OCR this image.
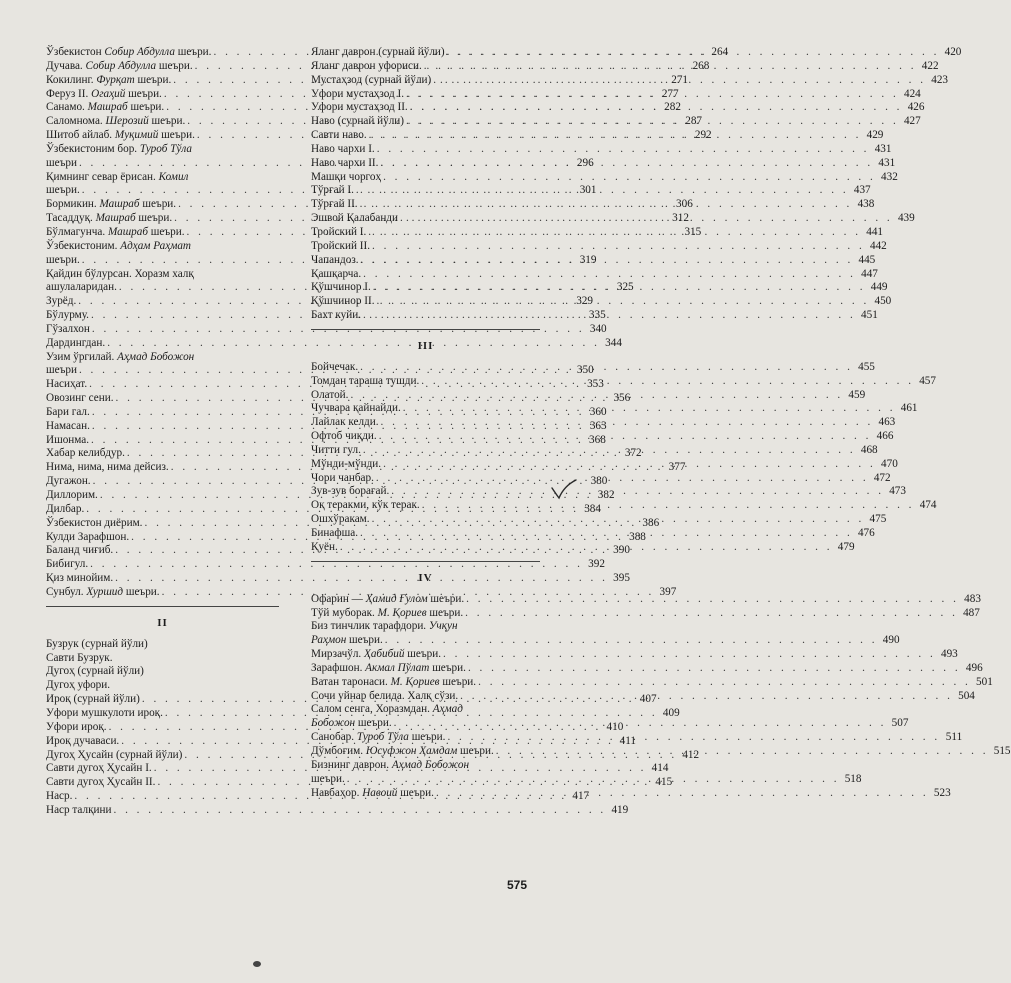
Ўзбекистон Собир Абдулла шеъри. . . .	264
Дучава. Собир Абдулла шеъри. . . .	268
Кокилинг. Фурқат шеъри. . . .	271
Феруз II. Огаҳий шеъри. . . .	277
Санамо. Машраб шеъри. . . .	282
Саломнома. Шерозий шеъри. . . .	287
Шитоб айлаб. Муқимий шеъри. . . .	292
Ўзбекистоним бор. Туроб Тўла
шеъри . . .	296
Қимнинг севар ёрисан. Комил
шеъри. . . .	301
Бормикин. Машраб шеъри. . . .	306
Тасаддуқ. Машраб шеъри. . . .	312
Бўлмагунча. Машраб шеъри. . . .	315
Ўзбекистоним. Адҳам Раҳмат
шеъри. . . .	319
Қайдин бўлурсан. Хоразм халқ
ашулаларидан. . . .	325
Зурёд. . . .	329
Бўлурму. . . .	335
Гўзалхон . . .	340
Дардингдан. . . .	344
Узим ўргилай. Аҳмад Бобожон
шеъри . . .	350
Насиҳат. . . .	353
Овозинг сени. . . .	356
Бари гал. . . .	360
Намасан. . . .	363
Ишонма. . . .	368
Хабар келибдур. . . .	372
Нима, нима, нима дейсиз. . . .	377
Дугажон. . . .	380
Диллорим. . . .	382
Дилбар. . . .	384
Ўзбекистон диёрим. . . .	386
Кулди Зарафшон. . . .	388
Баланд чиғиб. . . .	390
Бибигул. . . .	392
Қиз минойим. . . .	395
Сунбул. Хуршид шеъри. . . .	397
II
Бузрук (сурнай йўли)
Савти Бузрук.
Дугоҳ (сурнай йўли)
Дугоҳ уфори.
Ироқ (сурнай йўли) . . .	407
Уфори мушкулоти ироқ. . . .	409
Уфори ироқ. . . .	410
Ироқ дучаваси. . . .	411
Дугоҳ Ҳусайн (сурнай йўли) . . .	412
Савти дугоҳ Ҳусайн I. . . .	414
Савти дугоҳ Ҳусайн II. . . .	415
Наср. . . .	417
Наср талқини . . .	419
Яланг даврон (сурнай йўли) . . .	420
Яланг даврон уфориси. . . .	422
Мустаҳзод (сурнай йўли) . . .	423
Уфори мустаҳзод I. . . .	424
Уфори мустаҳзод II. . . .	426
Наво (сурнай йўли) . . .	427
Савти наво. . . .	429
Наво чархи I. . . .	431
Наво чархи II. . . .	431
Машқи чоргоҳ . . .	432
Тўрғай I. . . .	437
Тўрғай II. . . .	438
Эшвой Қалабанди . . .	439
Тройский I. . . .	441
Тройский II. . . .	442
Чапандоз. . . .	445
Қашқарча. . . .	447
Қўшчинор I. . . .	449
Қўшчинор II. . . .	450
Бахт куйи. . . .	451
III
Бойчечак. . . .	455
Томдан тараша тушди. . . .	457
Олатой. . . .	459
Чучвара қайнайди. . . .	461
Лайлак келди. . . .	463
Офтоб чиқди. . . .	466
Читти гул. . . .	468
Мўнди-мўнди. . . .	470
Чори чанбар. . . .	472
Зув-зув борағай. . . .	473
Оқ теракми, кўк терак. . . .	474
Ошхўракам. . . .	475
Бинафша. . . .	476
Қуён. . . .	479
IV
Офарин — Ҳамид Ғулом шеъри. . . .	483
Тўй муборак. М. Қориев шеъри. . . .	487
Биз тинчлик тарафдори. Учқун
Раҳмон шеъри. . . .	490
Мирзачўл. Ҳабибий шеъри. . . .	493
Зарафшон. Акмал Пўлат шеъри. . . .	496
Ватан таронаси. М. Қориев шеъри. . . .	501
Сочи уйнар белида. Халқ сўзи. . . .	504
Салом сенга, Хоразмдан. Аҳмад
Бобожон шеъри. . . .	507
Санобар. Туроб Тўла шеъри. . . .	511
Дўмбоғим. Юсуфжон Ҳамдам шеъри. . . .	515
Бизнинг даврон. Аҳмад Бобожон
шеъри. . . .	518
Навбаҳор. Навоий шеъри. . . .	523
575
